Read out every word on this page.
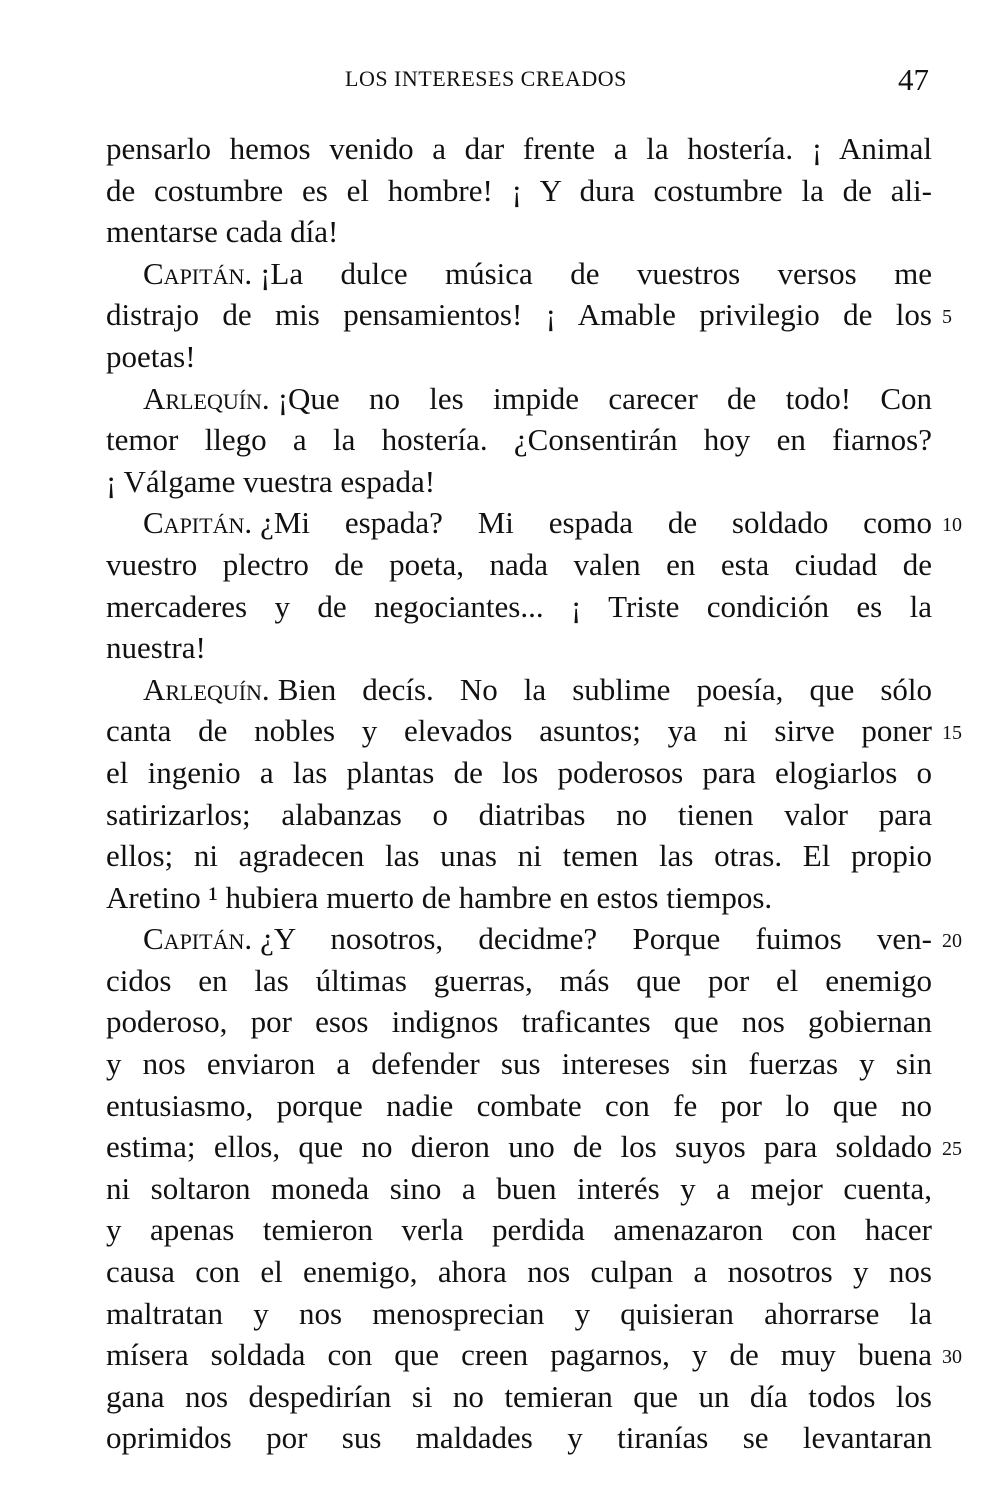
LOS INTERESES CREADOS	47
pensarlo hemos venido a dar frente a la hostería. ¡ Animal
de costumbre es el hombre! ¡ Y dura costumbre la de ali-
mentarse cada día!
Capitán. ¡La dulce música de vuestros versos me
distrajo de mis pensamientos! ¡ Amable privilegio de los 5
poetas!
Arlequín. ¡Que no les impide carecer de todo! Con
temor llego a la hostería. ¿Consentirán hoy en fiarnos?
¡ Válgame vuestra espada!
Capitán. ¿Mi espada? Mi espada de soldado como 10
vuestro plectro de poeta, nada valen en esta ciudad de
mercaderes y de negociantes... ¡ Triste condición es la
nuestra!
Arlequín. Bien decís. No la sublime poesía, que sólo
canta de nobles y elevados asuntos; ya ni sirve poner 15
el ingenio a las plantas de los poderosos para elogiarlos o
satirizarlos; alabanzas o diatribas no tienen valor para
ellos; ni agradecen las unas ni temen las otras. El propio
Aretino ¹ hubiera muerto de hambre en estos tiempos.
Capitán. ¿Y nosotros, decidme? Porque fuimos ven- 20
cidos en las últimas guerras, más que por el enemigo
poderoso, por esos indignos traficantes que nos gobiernan
y nos enviaron a defender sus intereses sin fuerzas y sin
entusiasmo, porque nadie combate con fe por lo que no
estima; ellos, que no dieron uno de los suyos para soldado 25
ni soltaron moneda sino a buen interés y a mejor cuenta,
y apenas temieron verla perdida amenazaron con hacer
causa con el enemigo, ahora nos culpan a nosotros y nos
maltratan y nos menosprecian y quisieran ahorrarse la
mísera soldada con que creen pagarnos, y de muy buena 30
gana nos despedirían si no temieran que un día todos los
oprimidos por sus maldades y tiranías se levantaran
